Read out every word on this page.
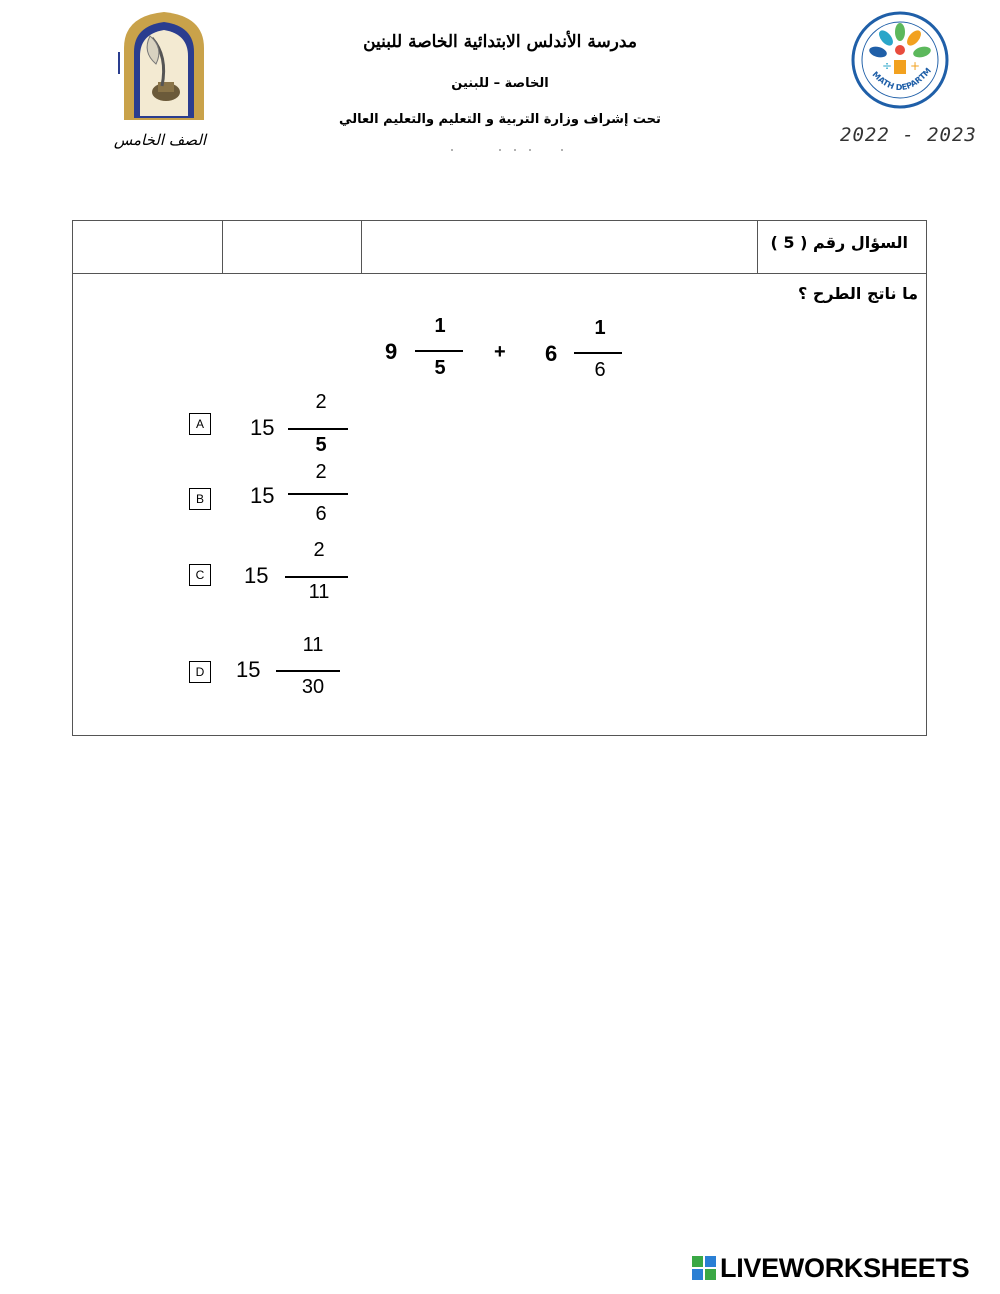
مدرسة الأندلس الابتدائية الخاصة للبنين
الخاصة – للبنين
تحت إشراف وزارة التربية و التعليم والتعليم العالي
الصف الخامس	2022 - 2023
÷ +
MATH DEPARTM
السؤال رقم ( 5 )
ما ناتج الطرح ؟
9
1
5
+ 6
1
6
A	15
2
5
B	15
2
6
C	15
2
11
D	15
11
30
LIVEWORKSHEETS
